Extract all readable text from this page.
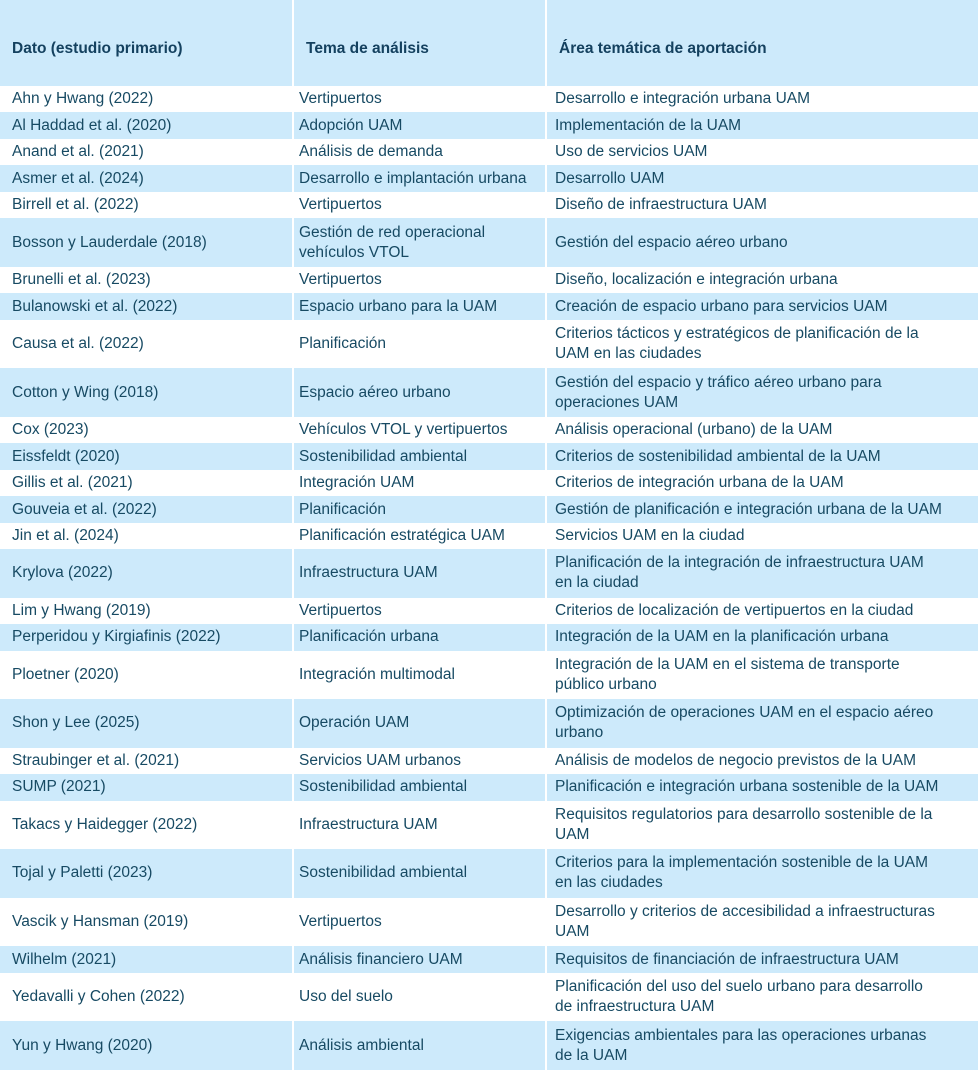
Dato (estudio primario)	Tema de análisis	Área temática de aportación
Ahn y Hwang (2022)	Vertipuertos	Desarrollo e integración urbana UAM
Al Haddad et al. (2020)	Adopción UAM	Implementación de la UAM
Anand et al. (2021)	Análisis de demanda	Uso de servicios UAM
Asmer et al. (2024)	Desarrollo e implantación urbana	Desarrollo UAM
Birrell et al. (2022)	Vertipuertos	Diseño de infraestructura UAM
Bosson y Lauderdale (2018)	Gestión de red operacional vehículos VTOL	Gestión del espacio aéreo urbano
Brunelli et al. (2023)	Vertipuertos	Diseño, localización e integración urbana
Bulanowski et al. (2022)	Espacio urbano para la UAM	Creación de espacio urbano para servicios UAM
Causa et al. (2022)	Planificación	Criterios tácticos y estratégicos de planificación de la UAM en las ciudades
Cotton y Wing (2018)	Espacio aéreo urbano	Gestión del espacio y tráfico aéreo urbano para operaciones UAM
Cox (2023)	Vehículos VTOL y vertipuertos	Análisis operacional (urbano) de la UAM
Eissfeldt (2020)	Sostenibilidad ambiental	Criterios de sostenibilidad ambiental de la UAM
Gillis et al. (2021)	Integración UAM	Criterios de integración urbana de la UAM
Gouveia et al. (2022)	Planificación	Gestión de planificación e integración urbana de la UAM
Jin et al. (2024)	Planificación estratégica UAM	Servicios UAM en la ciudad
Krylova (2022)	Infraestructura UAM	Planificación de la integración de infraestructura UAM en la ciudad
Lim y Hwang (2019)	Vertipuertos	Criterios de localización de vertipuertos en la ciudad
Perperidou y Kirgiafinis (2022)	Planificación urbana	Integración de la UAM en la planificación urbana
Ploetner (2020)	Integración multimodal	Integración de la UAM en el sistema de transporte público urbano
Shon y Lee (2025)	Operación UAM	Optimización de operaciones UAM en el espacio aéreo urbano
Straubinger et al. (2021)	Servicios UAM urbanos	Análisis de modelos de negocio previstos de la UAM
SUMP (2021)	Sostenibilidad ambiental	Planificación e integración urbana sostenible de la UAM
Takacs y Haidegger (2022)	Infraestructura UAM	Requisitos regulatorios para desarrollo sostenible de la UAM
Tojal y Paletti (2023)	Sostenibilidad ambiental	Criterios para la implementación sostenible de la UAM en las ciudades
Vascik y Hansman (2019)	Vertipuertos	Desarrollo y criterios de accesibilidad a infraestructuras UAM
Wilhelm (2021)	Análisis financiero UAM	Requisitos de financiación de infraestructura UAM
Yedavalli y Cohen (2022)	Uso del suelo	Planificación del uso del suelo urbano para desarrollo de infraestructura UAM
Yun y Hwang (2020)	Análisis ambiental	Exigencias ambientales para las operaciones urbanas de la UAM
